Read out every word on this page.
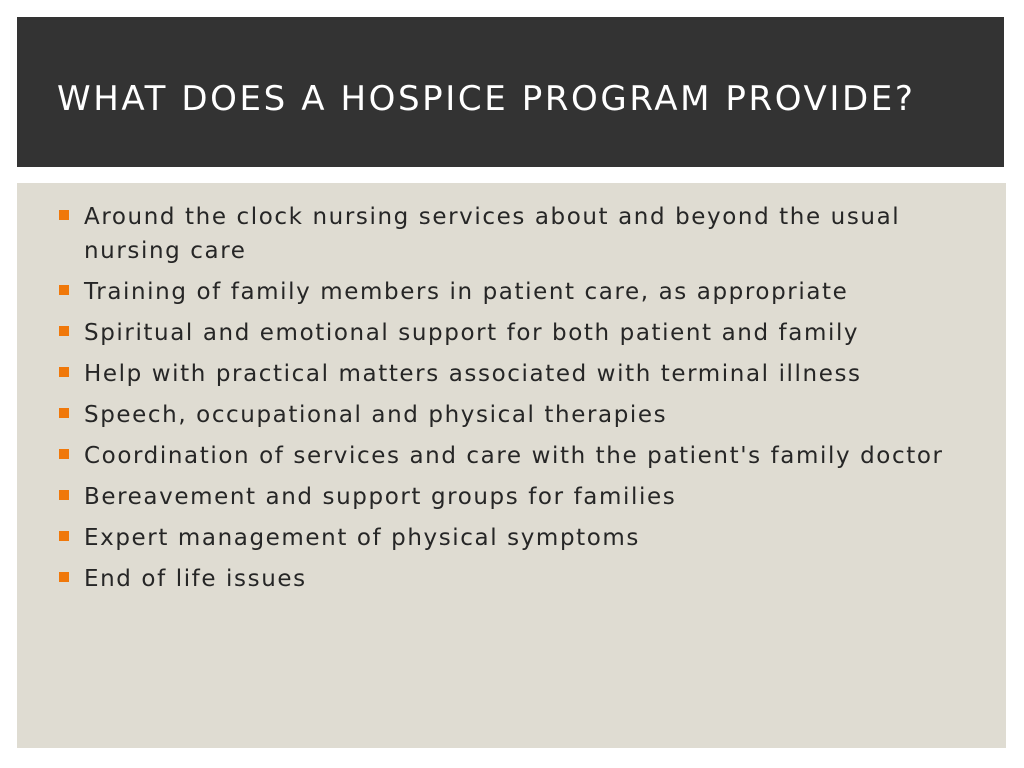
WHAT DOES A HOSPICE PROGRAM PROVIDE?
Around the clock nursing services about and beyond the usual nursing care
Training of family members in patient care, as appropriate
Spiritual and emotional support for both patient and family
Help with practical matters associated with terminal illness
Speech, occupational and physical therapies
Coordination of services and care with the patient's family doctor
Bereavement and support groups for families
Expert management of physical symptoms
End of life issues
